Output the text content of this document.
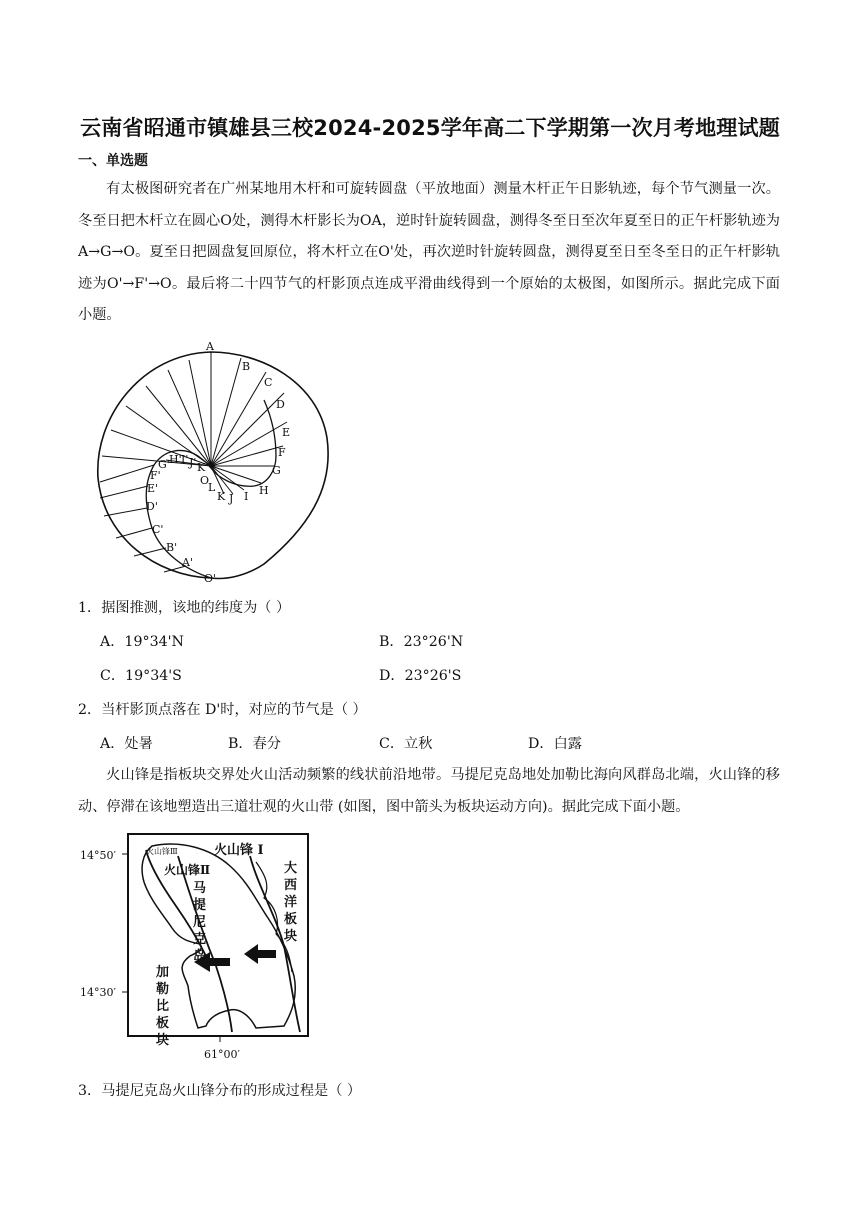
云南省昭通市镇雄县三校2024-2025学年高二下学期第一次月考地理试题
一、单选题
有太极图研究者在广州某地用木杆和可旋转圆盘（平放地面）测量木杆正午日影轨迹，每个节气测量一次。冬至日把木杆立在圆心O处，测得木杆影长为OA，逆时针旋转圆盘，测得冬至日至次年夏至日的正午杆影轨迹为A→G→O。夏至日把圆盘复回原位，将木杆立在O'处，再次逆时针旋转圆盘，测得夏至日至冬至日的正午杆影轨迹为O'→F'→O。最后将二十四节气的杆影顶点连成平滑曲线得到一个原始的太极图，如图所示。据此完成下面小题。
A
B
C
D
E
F
G
H
I
J
K
L
H' I' J' K
O
G'
F'
E'
D'
C'
B'
A'
O'
1．据图推测，该地的纬度为（ ）
A．19°34'N	B．23°26'N
C．19°34'S	D．23°26'S
2．当杆影顶点落在 D'时，对应的节气是（ ）
A．处暑	B．春分	C．立秋	D．白露
火山锋是指板块交界处火山活动频繁的线状前沿地带。马提尼克岛地处加勒比海向风群岛北端，火山锋的移动、停滞在该地塑造出三道壮观的火山带 (如图，图中箭头为板块运动方向)。据此完成下面小题。
14°50′
14°30′
61°00′
火山锋 I
火山锋Ⅱ
火山锋Ⅲ
马
提
尼
克
岛
大
西
洋
板
块
加
勒
比
板
块
3．马提尼克岛火山锋分布的形成过程是（ ）
